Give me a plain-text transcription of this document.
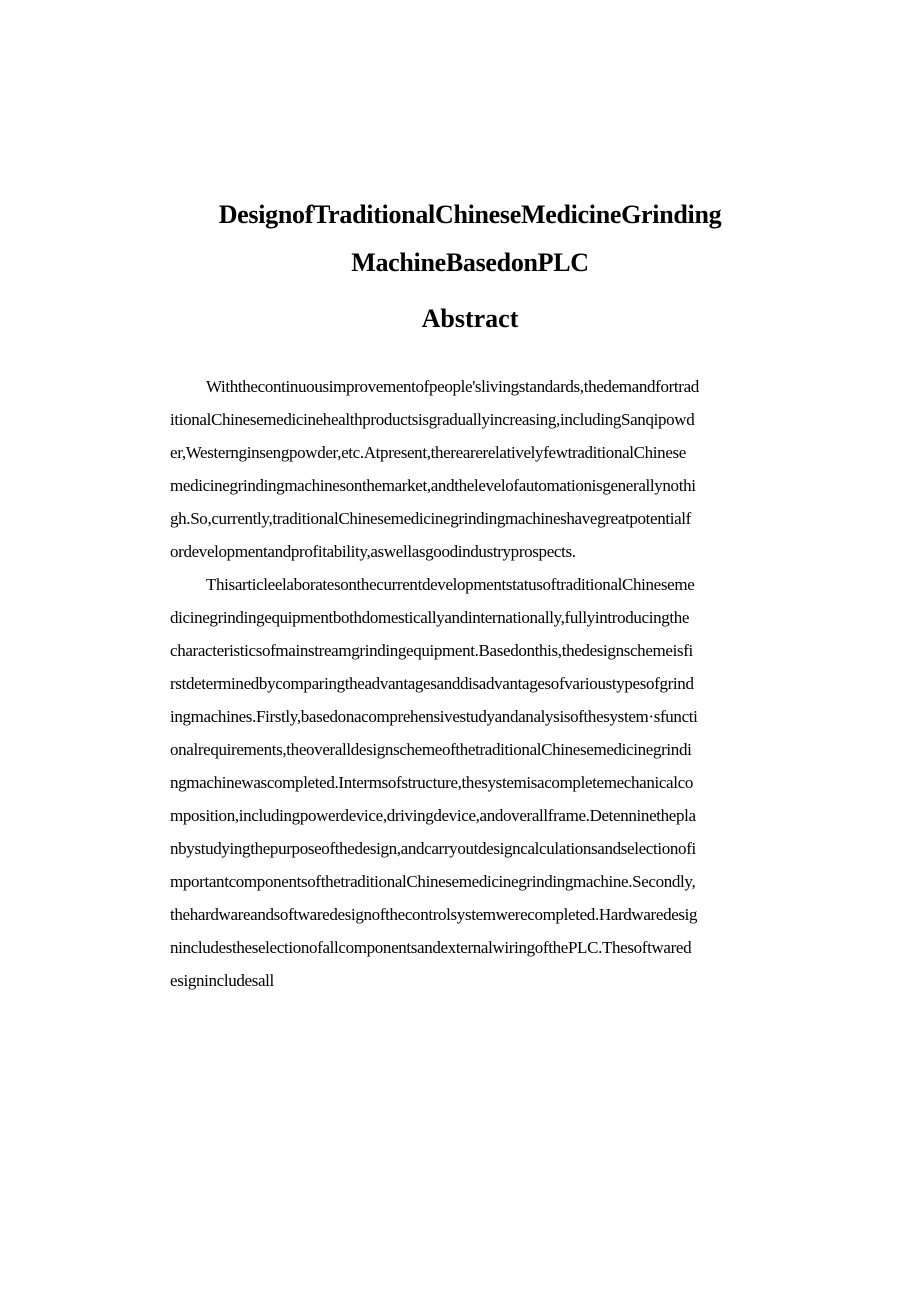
DesignofTraditionalChineseMedicineGrinding
MachineBasedonPLC
Abstract
Withthecontinuousimprovementofpeople'slivingstandards,thedemandfortrad
itionalChinesemedicinehealthproductsisgraduallyincreasing,includingSanqipowd
er,Westernginsengpowder,etc.Atpresent,therearerelativelyfewtraditionalChinese
medicinegrindingmachinesonthemarket,andthelevelofautomationisgenerallynothi
gh.So,currently,traditionalChinesemedicinegrindingmachineshavegreatpotentialf
ordevelopmentandprofitability,aswellasgoodindustryprospects.
ThisarticleelaboratesonthecurrentdevelopmentstatusoftraditionalChineseme
dicinegrindingequipmentbothdomesticallyandinternationally,fullyintroducingthe
characteristicsofmainstreamgrindingequipment.Basedonthis,thedesignschemeisfi
rstdeterminedbycomparingtheadvantagesanddisadvantagesofvarioustypesofgrind
ingmachines.Firstly,basedonacomprehensivestudyandanalysisofthesystem·sfuncti
onalrequirements,theoveralldesignschemeofthetraditionalChinesemedicinegrindi
ngmachinewascompleted.Intermsofstructure,thesystemisacompletemechanicalco
mposition,includingpowerdevice,drivingdevice,andoverallframe.Detenninethepla
nbystudyingthepurposeofthedesign,andcarryoutdesigncalculationsandselectionofi
mportantcomponentsofthetraditionalChinesemedicinegrindingmachine.Secondly,
thehardwareandsoftwaredesignofthecontrolsystemwerecompleted.Hardwaredesig
nincludestheselectionofallcomponentsandexternalwiringofthePLC.Thesoftwared
esignincludesall
